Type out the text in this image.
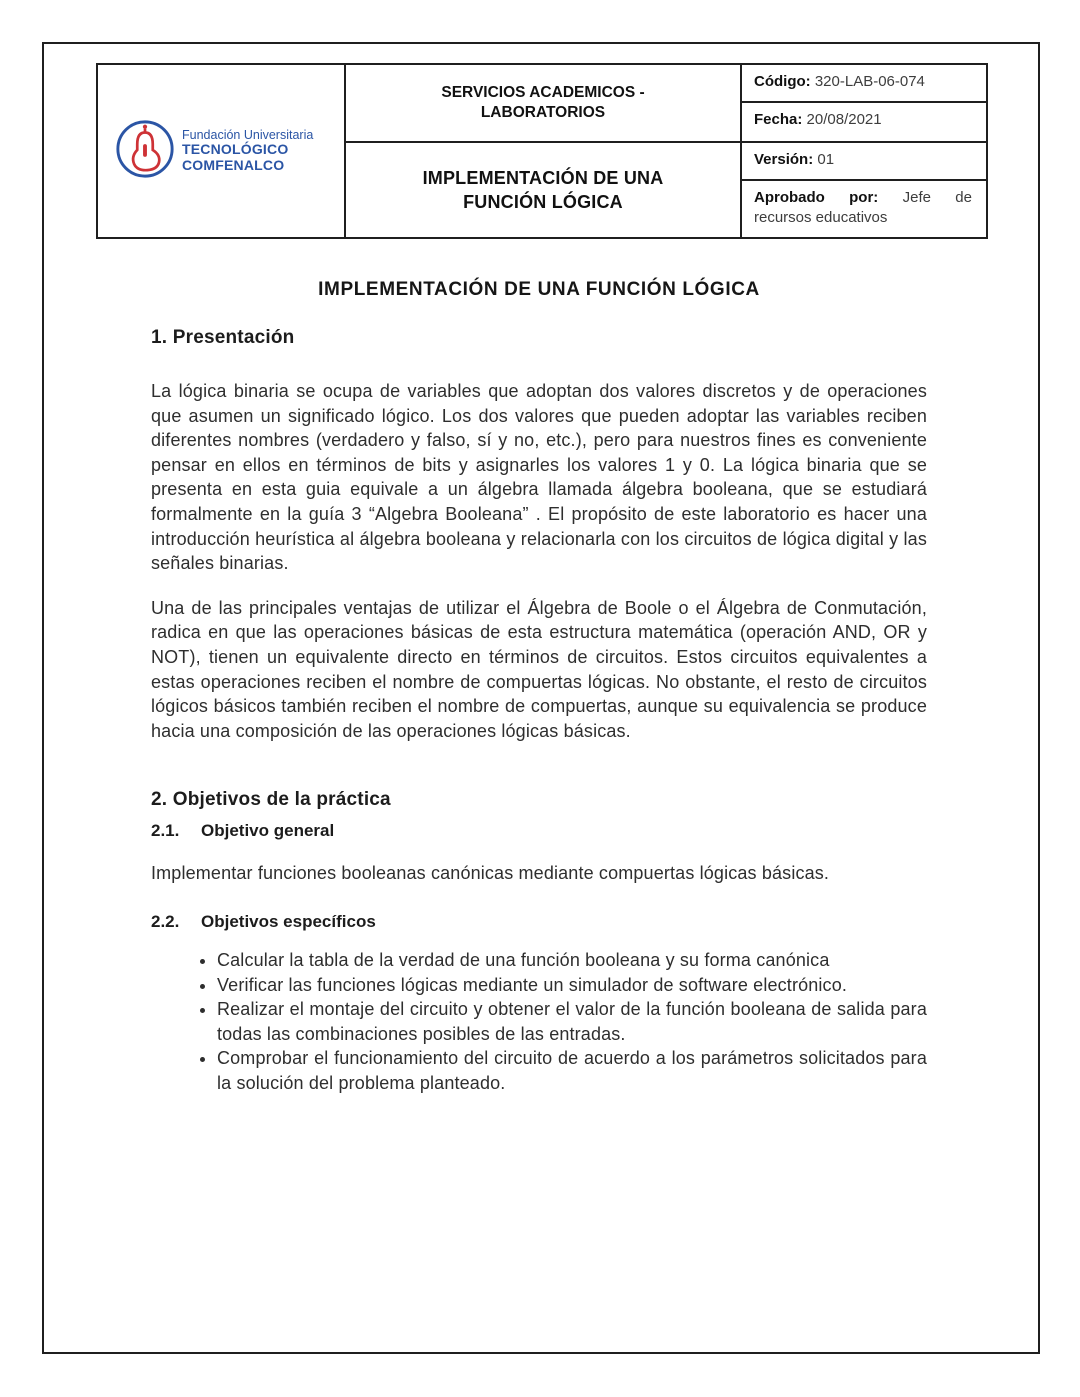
Fundación Universitaria
TECNOLÓGICO COMFENALCO
SERVICIOS ACADEMICOS - LABORATORIOS
IMPLEMENTACIÓN DE UNA FUNCIÓN LÓGICA
Código: 320-LAB-06-074
Fecha: 20/08/2021
Versión: 01
Aprobado por: Jefe de recursos educativos
IMPLEMENTACIÓN DE UNA FUNCIÓN LÓGICA
1. Presentación

La lógica binaria se ocupa de variables que adoptan dos valores discretos y de operaciones que asumen un significado lógico. Los dos valores que pueden adoptar las variables reciben diferentes nombres (verdadero y falso, sí y no, etc.), pero para nuestros fines es conveniente pensar en ellos en términos de bits y asignarles los valores 1 y 0. La lógica binaria que se presenta en esta guia equivale a un álgebra llamada álgebra booleana, que se estudiará formalmente en la guía 3 “Algebra Booleana” . El propósito de este laboratorio es hacer una introducción heurística al álgebra booleana y relacionarla con los circuitos de lógica digital y las señales binarias.

Una de las principales ventajas de utilizar el Álgebra de Boole o el Álgebra de Conmutación, radica en que las operaciones básicas de esta estructura matemática (operación AND, OR y NOT), tienen un equivalente directo en términos de circuitos. Estos circuitos equivalentes a estas operaciones reciben el nombre de compuertas lógicas. No obstante, el resto de circuitos lógicos básicos también reciben el nombre de compuertas, aunque su equivalencia se produce hacia una composición de las operaciones lógicas básicas.

2. Objetivos de la práctica
2.1. Objetivo general

Implementar funciones booleanas canónicas mediante compuertas lógicas básicas.

2.2. Objetivos específicos
• Calcular la tabla de la verdad de una función booleana y su forma canónica
• Verificar las funciones lógicas mediante un simulador de software electrónico.
• Realizar el montaje del circuito y obtener el valor de la función booleana de salida para todas las combinaciones posibles de las entradas.
• Comprobar el funcionamiento del circuito de acuerdo a los parámetros solicitados para la solución del problema planteado.
